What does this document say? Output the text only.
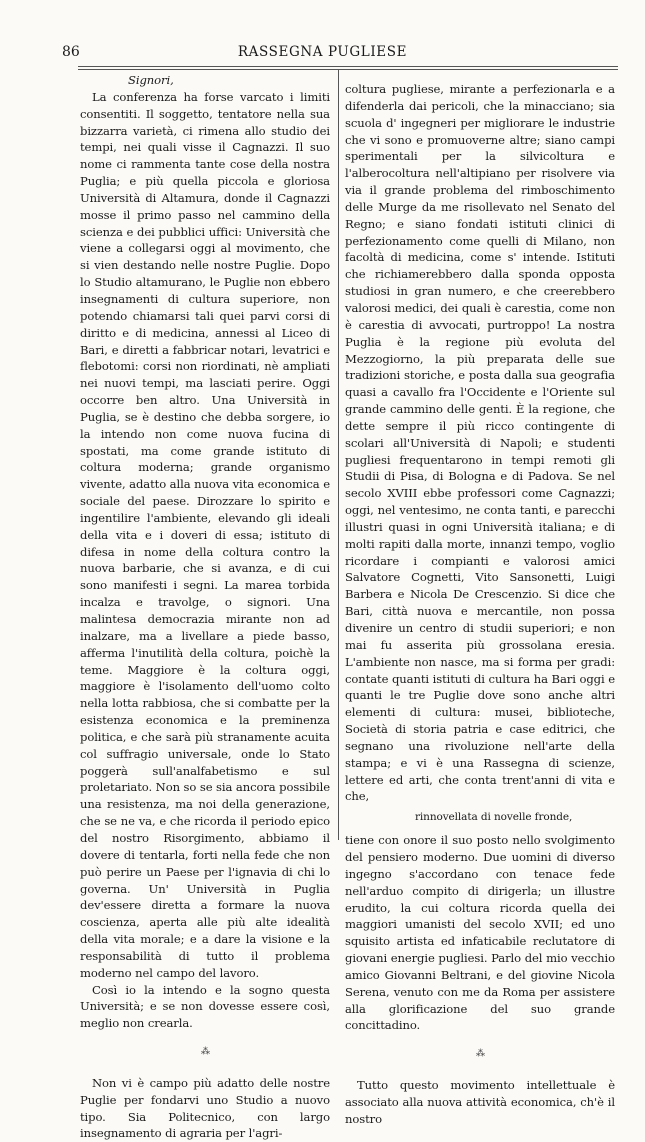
86	RASSEGNA PUGLIESE

Signori,

La conferenza ha forse varcato i limiti consentiti. Il soggetto, tentatore nella sua bizzarra varietà, ci rimena allo studio dei tempi, nei quali visse il Cagnazzi. Il suo nome ci rammenta tante cose della nostra Puglia; e più quella piccola e gloriosa Università di Altamura, donde il Cagnazzi mosse il primo passo nel cammino della scienza e dei pubblici uffici: Università che viene a collegarsi oggi al movimento, che si vien destando nelle nostre Puglie. Dopo lo Studio altamurano, le Puglie non ebbero insegnamenti di cultura superiore, non potendo chiamarsi tali quei parvi corsi di diritto e di medicina, annessi al Liceo di Bari, e diretti a fabbricar notari, levatrici e flebotomi: corsi non riordinati, nè ampliati nei nuovi tempi, ma lasciati perire. Oggi occorre ben altro. Una Università in Puglia, se è destino che debba sorgere, io la intendo non come nuova fucina di spostati, ma come grande istituto di coltura moderna; grande organismo vivente, adatto alla nuova vita economica e sociale del paese. Dirozzare lo spirito e ingentilire l'ambiente, elevando gli ideali della vita e i doveri di essa; istituto di difesa in nome della coltura contro la nuova barbarie, che si avanza, e di cui sono manifesti i segni. La marea torbida incalza e travolge, o signori. Una malintesa democrazia mirante non ad inalzare, ma a livellare a piede basso, afferma l'inutilità della coltura, poichè la teme. Maggiore è la coltura oggi, maggiore è l'isolamento dell'uomo colto nella lotta rabbiosa, che si combatte per la esistenza economica e la preminenza politica, e che sarà più stranamente acuita col suffragio universale, onde lo Stato poggerà sull'analfabetismo e sul proletariato. Non so se sia ancora possibile una resistenza, ma noi della generazione, che se ne va, e che ricorda il periodo epico del nostro Risorgimento, abbiamo il dovere di tentarla, forti nella fede che non può perire un Paese per l'ignavia di chi lo governa. Un' Università in Puglia dev'essere diretta a formare la nuova coscienza, aperta alle più alte idealità della vita morale; e a dare la visione e la responsabilità di tutto il problema moderno nel campo del lavoro.

Così io la intendo e la sogno questa Università; e se non dovesse essere così, meglio non crearla.

⁂

Non vi è campo più adatto delle nostre Puglie per fondarvi uno Studio a nuovo tipo. Sia Politecnico, con largo insegnamento di agraria per l'agri-

coltura pugliese, mirante a perfezionarla e a difenderla dai pericoli, che la minacciano; sia scuola d' ingegneri per migliorare le industrie che vi sono e promuoverne altre; siano campi sperimentali per la silvicoltura e l'alberocoltura nell'altipiano per risolvere via via il grande problema del rimboschimento delle Murge da me risollevato nel Senato del Regno; e siano fondati istituti clinici di perfezionamento come quelli di Milano, non facoltà di medicina, come s' intende. Istituti che richiamerebbero dalla sponda opposta studiosi in gran numero, e che creerebbero valorosi medici, dei quali è carestia, come non è carestia di avvocati, purtroppo! La nostra Puglia è la regione più evoluta del Mezzogiorno, la più preparata delle sue tradizioni storiche, e posta dalla sua geografia quasi a cavallo fra l'Occidente e l'Oriente sul grande cammino delle genti. È la regione, che dette sempre il più ricco contingente di scolari all'Università di Napoli; e studenti pugliesi frequentarono in tempi remoti gli Studii di Pisa, di Bologna e di Padova. Se nel secolo XVIII ebbe professori come Cagnazzi; oggi, nel ventesimo, ne conta tanti, e parecchi illustri quasi in ogni Università italiana; e di molti rapiti dalla morte, innanzi tempo, voglio ricordare i compianti e valorosi amici Salvatore Cognetti, Vito Sansonetti, Luigi Barbera e Nicola De Crescenzio. Si dice che Bari, città nuova e mercantile, non possa divenire un centro di studii superiori; e non mai fu asserita più grossolana eresia. L'ambiente non nasce, ma si forma per gradi: contate quanti istituti di cultura ha Bari oggi e quanti le tre Puglie dove sono anche altri elementi di cultura: musei, biblioteche, Società di storia patria e case editrici, che segnano una rivoluzione nell'arte della stampa; e vi è una Rassegna di scienze, lettere ed arti, che conta trent'anni di vita e che,

rinnovellata di novelle fronde,

tiene con onore il suo posto nello svolgimento del pensiero moderno. Due uomini di diverso ingegno s'accordano con tenace fede nell'arduo compito di dirigerla; un illustre erudito, la cui coltura ricorda quella dei maggiori umanisti del secolo XVII; ed uno squisito artista ed infaticabile reclutatore di giovani energie pugliesi. Parlo del mio vecchio amico Giovanni Beltrani, e del giovine Nicola Serena, venuto con me da Roma per assistere alla glorificazione del suo grande concittadino.

⁂

Tutto questo movimento intellettuale è associato alla nuova attività economica, ch'è il nostro
